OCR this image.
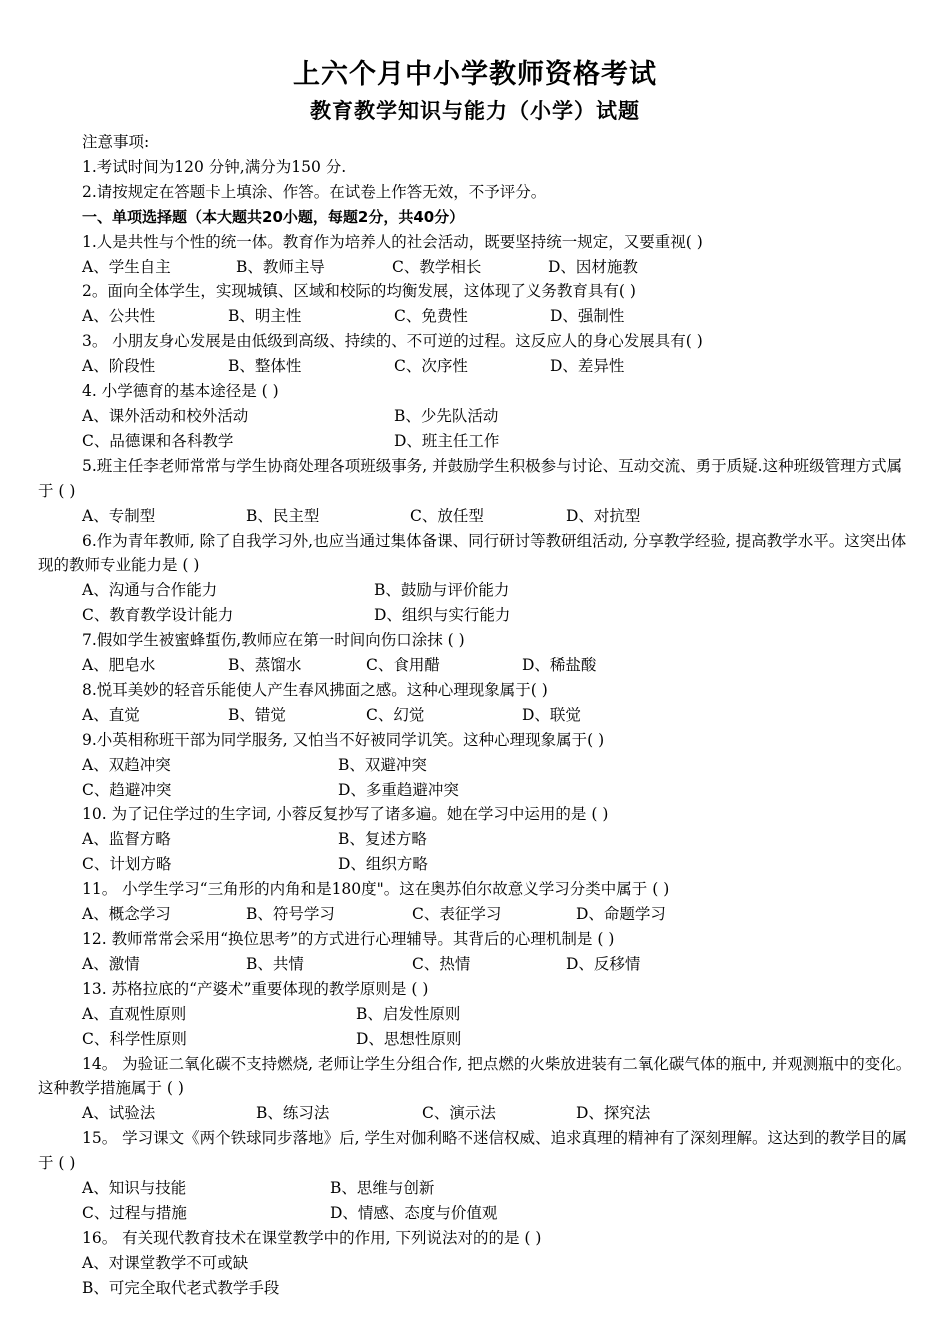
上六个月中小学教师资格考试
教育教学知识与能力（小学）试题
注意事项:
1.考试时间为120 分钟,满分为150 分.
2.请按规定在答题卡上填涂、作答。在试卷上作答无效，不予评分。
一、单项选择题（本大题共20小题，每题2分，共40分）
1.人是共性与个性的统一体。教育作为培养人的社会活动，既要坚持统一规定，又要重视( )
A、学生自主	B、教师主导	C、教学相长	D、因材施教
2。面向全体学生，实现城镇、区域和校际的均衡发展，这体现了义务教育具有( )
A、公共性	B、明主性	C、免费性	D、强制性
3。 小朋友身心发展是由低级到高级、持续的、不可逆的过程。这反应人的身心发展具有( )
A、阶段性	B、整体性	C、次序性	D、差异性
4. 小学德育的基本途径是 ( )
A、课外活动和校外活动	B、少先队活动
C、品德课和各科教学	D、班主任工作
5.班主任李老师常常与学生协商处理各项班级事务, 并鼓励学生积极参与讨论、互动交流、勇于质疑.这种班级管理方式属于 ( )
A、专制型	B、民主型	C、放任型	D、对抗型
6.作为青年教师, 除了自我学习外,也应当通过集体备课、同行研讨等教研组活动, 分享教学经验, 提高教学水平。这突出体现的教师专业能力是 ( )
A、沟通与合作能力	B、鼓励与评价能力
C、教育教学设计能力	D、组织与实行能力
7.假如学生被蜜蜂蜇伤,教师应在第一时间向伤口涂抹 ( )
A、肥皂水	B、蒸馏水	C、食用醋	D、稀盐酸
8.悦耳美妙的轻音乐能使人产生春风拂面之感。这种心理现象属于( )
A、直觉	B、错觉	C、幻觉	D、联觉
9.小英相称班干部为同学服务, 又怕当不好被同学讥笑。这种心理现象属于( )
A、双趋冲突	B、双避冲突
C、趋避冲突	D、多重趋避冲突
10. 为了记住学过的生字词, 小蓉反复抄写了诸多遍。她在学习中运用的是 ( )
A、监督方略	B、复述方略
C、计划方略	D、组织方略
11。 小学生学习“三角形的内角和是180度"。这在奥苏伯尔故意义学习分类中属于 ( )
A、概念学习	B、符号学习	C、表征学习	D、命题学习
12. 教师常常会采用“换位思考”的方式进行心理辅导。其背后的心理机制是 ( )
A、激情	B、共情	C、热情	D、反移情
13. 苏格拉底的“产婆术”重要体现的教学原则是 ( )
A、直观性原则	B、启发性原则
C、科学性原则	D、思想性原则
14。 为验证二氧化碳不支持燃烧, 老师让学生分组合作, 把点燃的火柴放进装有二氧化碳气体的瓶中, 并观测瓶中的变化。这种教学措施属于 ( )
A、试验法	B、练习法	C、演示法	D、探究法
15。 学习课文《两个铁球同步落地》后, 学生对伽利略不迷信权威、追求真理的精神有了深刻理解。这达到的教学目的属于 ( )
A、知识与技能	B、思维与创新
C、过程与措施	D、情感、态度与价值观
16。 有关现代教育技术在课堂教学中的作用, 下列说法对的的是 ( )
A、对课堂教学不可或缺
B、可完全取代老式教学手段
